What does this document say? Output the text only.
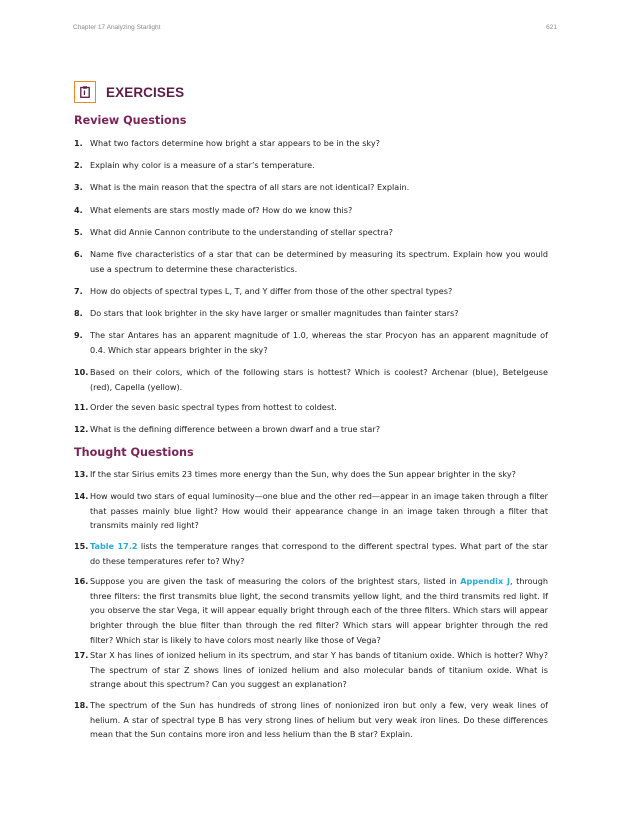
Chapter 17 Analyzing Starlight	621
EXERCISES
Review Questions
1. What two factors determine how bright a star appears to be in the sky?
2. Explain why color is a measure of a star’s temperature.
3. What is the main reason that the spectra of all stars are not identical? Explain.
4. What elements are stars mostly made of? How do we know this?
5. What did Annie Cannon contribute to the understanding of stellar spectra?
6. Name five characteristics of a star that can be determined by measuring its spectrum. Explain how you would use a spectrum to determine these characteristics.
7. How do objects of spectral types L, T, and Y differ from those of the other spectral types?
8. Do stars that look brighter in the sky have larger or smaller magnitudes than fainter stars?
9. The star Antares has an apparent magnitude of 1.0, whereas the star Procyon has an apparent magnitude of 0.4. Which star appears brighter in the sky?
10. Based on their colors, which of the following stars is hottest? Which is coolest? Archenar (blue), Betelgeuse (red), Capella (yellow).
11. Order the seven basic spectral types from hottest to coldest.
12. What is the defining difference between a brown dwarf and a true star?
Thought Questions
13. If the star Sirius emits 23 times more energy than the Sun, why does the Sun appear brighter in the sky?
14. How would two stars of equal luminosity—one blue and the other red—appear in an image taken through a filter that passes mainly blue light? How would their appearance change in an image taken through a filter that transmits mainly red light?
15. Table 17.2 lists the temperature ranges that correspond to the different spectral types. What part of the star do these temperatures refer to? Why?
16. Suppose you are given the task of measuring the colors of the brightest stars, listed in Appendix J, through three filters: the first transmits blue light, the second transmits yellow light, and the third transmits red light. If you observe the star Vega, it will appear equally bright through each of the three filters. Which stars will appear brighter through the blue filter than through the red filter? Which stars will appear brighter through the red filter? Which star is likely to have colors most nearly like those of Vega?
17. Star X has lines of ionized helium in its spectrum, and star Y has bands of titanium oxide. Which is hotter? Why? The spectrum of star Z shows lines of ionized helium and also molecular bands of titanium oxide. What is strange about this spectrum? Can you suggest an explanation?
18. The spectrum of the Sun has hundreds of strong lines of nonionized iron but only a few, very weak lines of helium. A star of spectral type B has very strong lines of helium but very weak iron lines. Do these differences mean that the Sun contains more iron and less helium than the B star? Explain.
